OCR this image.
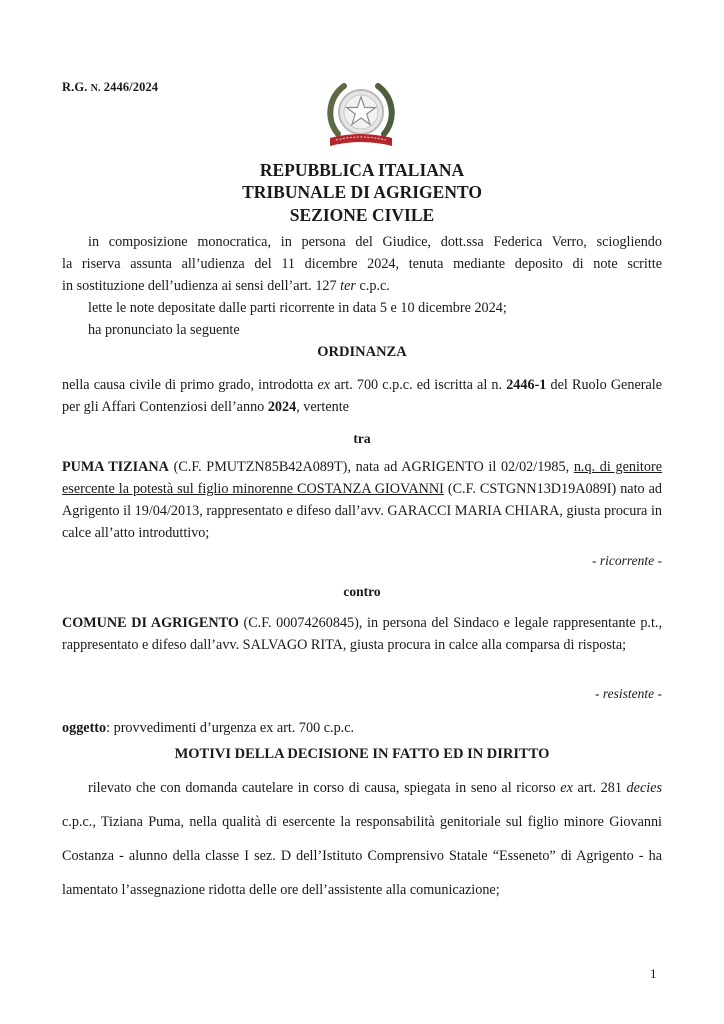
R.G. N. 2446/2024
REPUBBLICA ITALIANA
TRIBUNALE DI AGRIGENTO
SEZIONE CIVILE
in composizione monocratica, in persona del Giudice, dott.ssa Federica Verro, sciogliendo
la riserva assunta all’udienza del 11 dicembre 2024, tenuta mediante deposito di note scritte
in sostituzione dell’udienza ai sensi dell’art. 127 ter c.p.c.
lette le note depositate dalle parti ricorrente in data 5 e 10 dicembre 2024;
ha pronunciato la seguente
ORDINANZA
nella causa civile di primo grado, introdotta ex art. 700 c.p.c. ed iscritta al n. 2446-1 del Ruolo Generale per gli Affari Contenziosi dell’anno 2024, vertente
tra
PUMA TIZIANA (C.F. PMUTZN85B42A089T), nata ad AGRIGENTO il 02/02/1985, n.q. di genitore esercente la potestà sul figlio minorenne COSTANZA GIOVANNI (C.F. CSTGNN13D19A089I) nato ad Agrigento il 19/04/2013, rappresentato e difeso dall’avv. GARACCI MARIA CHIARA, giusta procura in calce all’atto introduttivo;
- ricorrente -
contro
COMUNE DI AGRIGENTO (C.F. 00074260845), in persona del Sindaco e legale rappresentante p.t., rappresentato e difeso dall’avv. SALVAGO RITA, giusta procura in calce alla comparsa di risposta;
- resistente -
oggetto: provvedimenti d’urgenza ex art. 700 c.p.c.
MOTIVI DELLA DECISIONE IN FATTO ED IN DIRITTO
rilevato che con domanda cautelare in corso di causa, spiegata in seno al ricorso ex art. 281 decies c.p.c., Tiziana Puma, nella qualità di esercente la responsabilità genitoriale sul figlio minore Giovanni Costanza - alunno della classe I sez. D dell’Istituto Comprensivo Statale “Esseneto” di Agrigento - ha lamentato l’assegnazione ridotta delle ore dell’assistente alla comunicazione;
1
